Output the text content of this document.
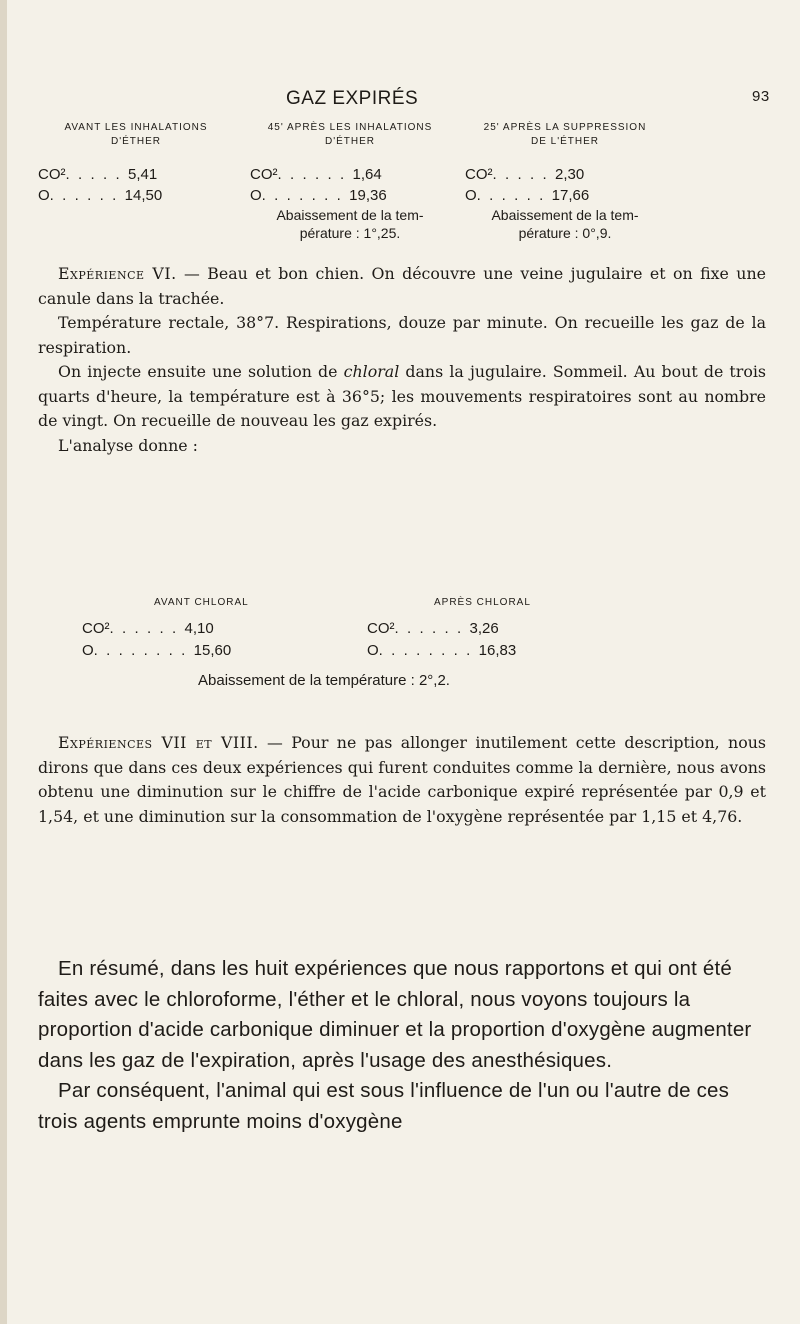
GAZ EXPIRÉS	93
AVANT LES INHALATIONS
D'ÉTHER
CO².  .  .  .  .  5,41
O.  .  .  .  .  .  14,50
45' APRÈS LES INHALATIONS
D'ÉTHER
CO².  .  .  .  .  .  1,64
O.  .  .  .  .  .  .  19,36
Abaissement de la tem-
pérature : 1°,25.
25' APRÈS LA SUPPRESSION
DE L'ÉTHER
CO².  .  .  .  .  2,30
O.  .  .  .  .  .  17,66
Abaissement de la tem-
pérature : 0°,9.

Expérience VI. — Beau et bon chien. On découvre une veine jugulaire et on fixe une canule dans la trachée.

Température rectale, 38°7. Respirations, douze par minute. On recueille les gaz de la respiration.

On injecte ensuite une solution de chloral dans la jugulaire. Sommeil. Au bout de trois quarts d'heure, la température est à 36°5; les mouvements respiratoires sont au nombre de vingt. On recueille de nouveau les gaz expirés.

L'analyse donne :

AVANT CHLORAL	APRÈS CHLORAL
CO².  .  .  .  .  .  4,10
O.  .  .  .  .  .  .  .  15,60
CO².  .  .  .  .  .  3,26
O.  .  .  .  .  .  .  .  16,83
Abaissement de la température : 2°,2.

Expériences VII et VIII. — Pour ne pas allonger inutilement cette description, nous dirons que dans ces deux expériences qui furent conduites comme la dernière, nous avons obtenu une diminution sur le chiffre de l'acide carbonique expiré représentée par 0,9 et 1,54, et une diminution sur la consommation de l'oxygène représentée par 1,15 et 4,76.

En résumé, dans les huit expériences que nous rapportons et qui ont été faites avec le chloroforme, l'éther et le chloral, nous voyons toujours la proportion d'acide carbonique diminuer et la proportion d'oxygène augmenter dans les gaz de l'expiration, après l'usage des anesthésiques.

Par conséquent, l'animal qui est sous l'influence de l'un ou l'autre de ces trois agents emprunte moins d'oxygène
